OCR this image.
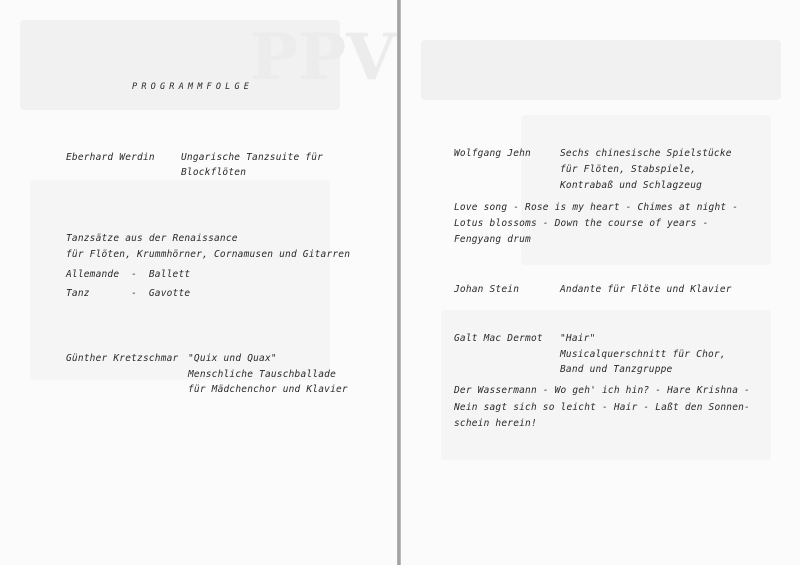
PPV
PROGRAMMFOLGE
Eberhard Werdin	Ungarische Tanzsuite für
Blockflöten
Tanzsätze aus der Renaissance
für Flöten, Krummhörner, Cornamusen und Gitarren
Allemande  -  Ballett
Tanz       -  Gavotte
Günther Kretzschmar "Quix und Quax"
Menschliche Tauschballade
für Mädchenchor und Klavier
Wolfgang Jehn	Sechs chinesische Spielstücke
für Flöten, Stabspiele,
Kontrabaß und Schlagzeug
Love song - Rose is my heart - Chimes at night -
Lotus blossoms - Down the course of years -
Fengyang drum
Johan Stein	Andante für Flöte und Klavier
Galt Mac Dermot "Hair"
Musicalquerschnitt für Chor,
Band und Tanzgruppe
Der Wassermann - Wo geh' ich hin? - Hare Krishna -
Nein sagt sich so leicht - Hair - Laßt den Sonnen-
schein herein!
